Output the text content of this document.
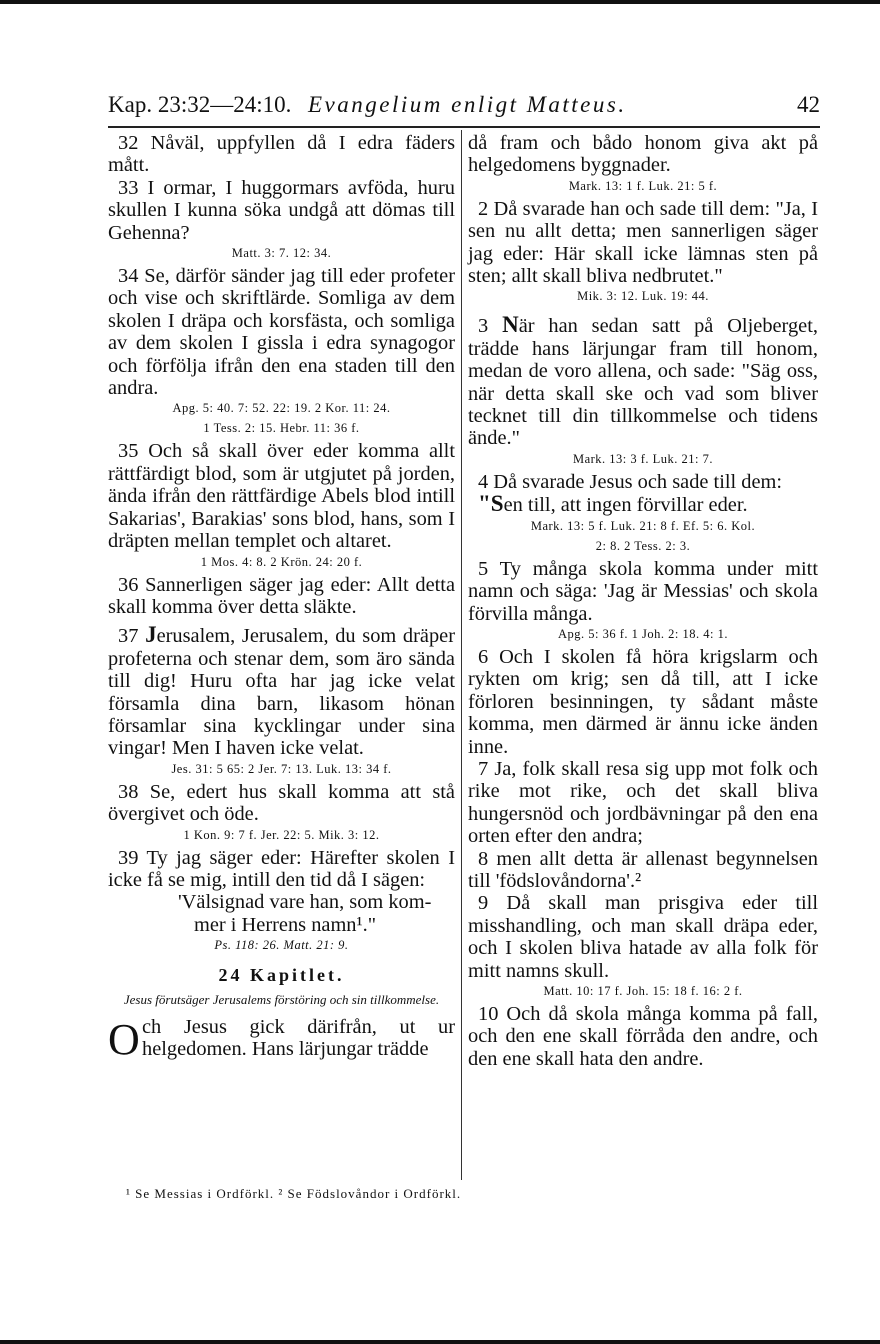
Kap. 23:32—24:10. Evangelium enligt Matteus.	42

32 Nåväl, uppfyllen då I edra fäders mått.

33 I ormar, I huggormars avföda, huru skullen I kunna söka undgå att dömas till Gehenna?

Matt. 3: 7. 12: 34.

34 Se, därför sänder jag till eder profeter och vise och skriftlärde. Somliga av dem skolen I dräpa och korsfästa, och somliga av dem skolen I gissla i edra synagogor och förfölja ifrån den ena staden till den andra.

Apg. 5: 40. 7: 52. 22: 19. 2 Kor. 11: 24.

1 Tess. 2: 15. Hebr. 11: 36 f.

35 Och så skall över eder komma allt rättfärdigt blod, som är utgjutet på jorden, ända ifrån den rättfärdige Abels blod intill Sakarias', Barakias' sons blod, hans, som I dräpten mellan templet och altaret.

1 Mos. 4: 8. 2 Krön. 24: 20 f.

36 Sannerligen säger jag eder: Allt detta skall komma över detta släkte.

37 Jerusalem, Jerusalem, du som dräper profeterna och stenar dem, som äro sända till dig! Huru ofta har jag icke velat församla dina barn, likasom hönan församlar sina kycklingar under sina vingar! Men I haven icke velat.

Jes. 31: 5 65: 2 Jer. 7: 13. Luk. 13: 34 f.

38 Se, edert hus skall komma att stå övergivet och öde.

1 Kon. 9: 7 f. Jer. 22: 5. Mik. 3: 12.

39 Ty jag säger eder: Härefter skolen I icke få se mig, intill den tid då I sägen:

'Välsignad vare han, som kom-

mer i Herrens namn¹."

Ps. 118: 26. Matt. 21: 9.

24 Kapitlet.

Jesus förutsäger Jerusalems förstöring och sin tillkommelse.

O ch Jesus gick därifrån, ut ur helgedomen. Hans lärjungar trädde

då fram och bådo honom giva akt på helgedomens byggnader.

Mark. 13: 1 f. Luk. 21: 5 f.

2 Då svarade han och sade till dem: "Ja, I sen nu allt detta; men sannerligen säger jag eder: Här skall icke lämnas sten på sten; allt skall bliva nedbrutet."

Mik. 3: 12. Luk. 19: 44.

3 När han sedan satt på Oljeberget, trädde hans lärjungar fram till honom, medan de voro allena, och sade: "Säg oss, när detta skall ske och vad som bliver tecknet till din tillkommelse och tidens ände."

Mark. 13: 3 f. Luk. 21: 7.

4 Då svarade Jesus och sade till dem:

"Sen till, att ingen förvillar eder.

Mark. 13: 5 f. Luk. 21: 8 f. Ef. 5: 6. Kol.

2: 8. 2 Tess. 2: 3.

5 Ty många skola komma under mitt namn och säga: 'Jag är Messias' och skola förvilla många.

Apg. 5: 36 f. 1 Joh. 2: 18. 4: 1.

6 Och I skolen få höra krigslarm och rykten om krig; sen då till, att I icke förloren besinningen, ty sådant måste komma, men därmed är ännu icke änden inne.

7 Ja, folk skall resa sig upp mot folk och rike mot rike, och det skall bliva hungersnöd och jordbävningar på den ena orten efter den andra;

8 men allt detta är allenast begynnelsen till 'födslovåndorna'.²

9 Då skall man prisgiva eder till misshandling, och man skall dräpa eder, och I skolen bliva hatade av alla folk för mitt namns skull.

Matt. 10: 17 f. Joh. 15: 18 f. 16: 2 f.

10 Och då skola många komma på fall, och den ene skall förråda den andre, och den ene skall hata den andre.

¹ Se Messias i Ordförkl. ² Se Födslovåndor i Ordförkl.
